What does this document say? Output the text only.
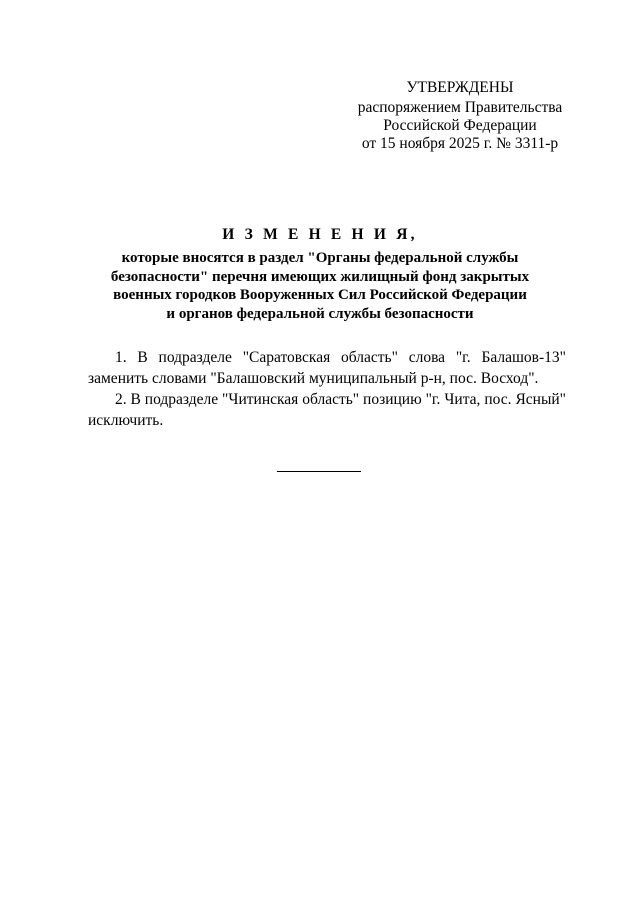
УТВЕРЖДЕНЫ
распоряжением Правительства
Российской Федерации
от 15 ноября 2025 г. № 3311-р
И З М Е Н Е Н И Я,
которые вносятся в раздел "Органы федеральной службы
безопасности" перечня имеющих жилищный фонд закрытых
военных городков Вооруженных Сил Российской Федерации
и органов федеральной службы безопасности

1. В подразделе "Саратовская область" слова "г. Балашов-13" заменить словами "Балашовский муниципальный р-н, пос. Восход".

2. В подразделе "Читинская область" позицию "г. Чита, пос. Ясный" исключить.
